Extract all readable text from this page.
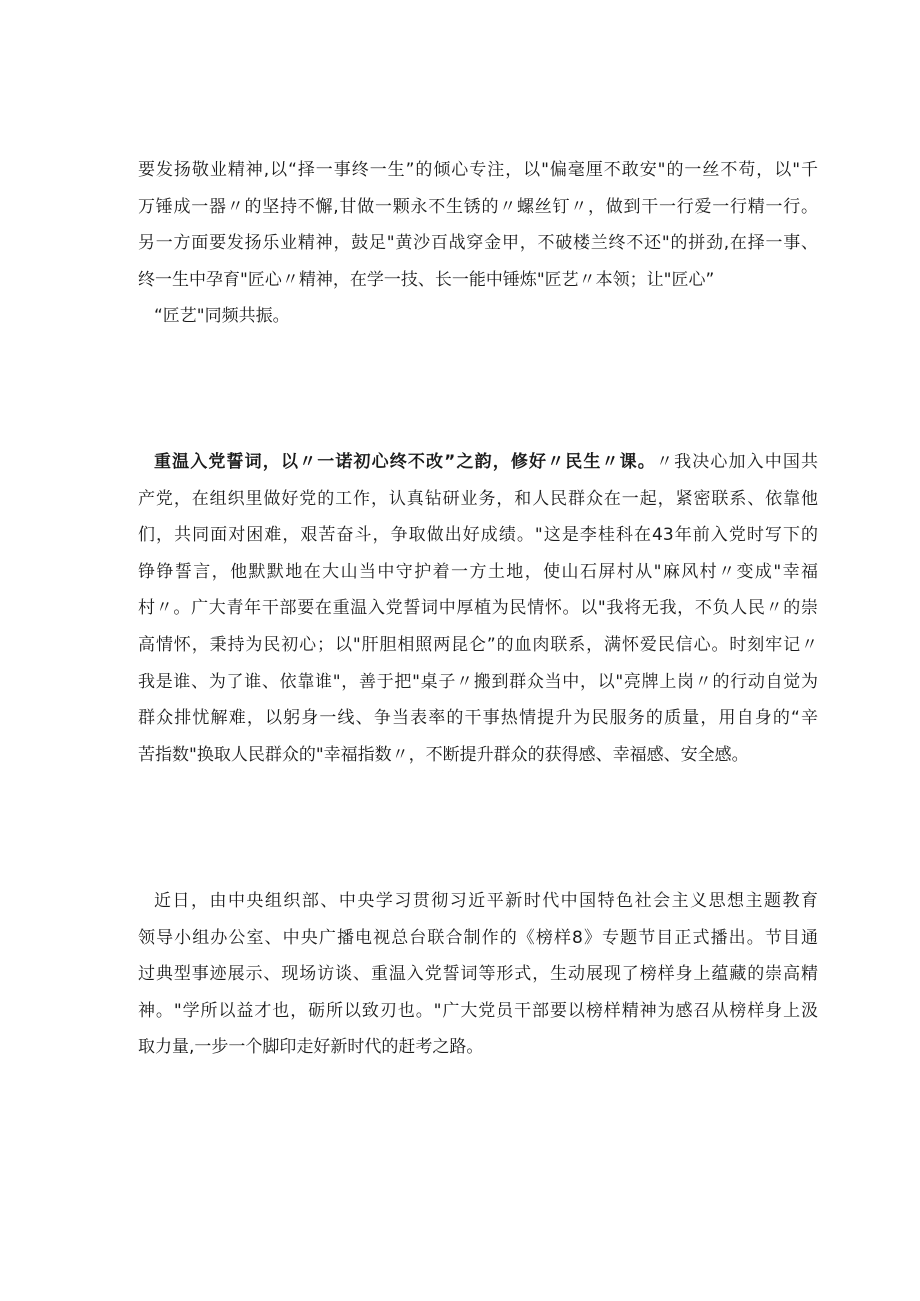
要发扬敬业精神,以“择一事终一生”的倾心专注，以"偏毫厘不敢安"的一丝不苟，以"千
万锤成一器〃的坚持不懈,甘做一颗永不生锈的〃螺丝钉〃，做到干一行爱一行精一行。
另一方面要发扬乐业精神，鼓足"黄沙百战穿金甲，不破楼兰终不还"的拼劲,在择一事、
终一生中孕育"匠心〃精神，在学一技、长一能中锤炼"匠艺〃本领；让"匠心”
“匠艺"同频共振。
重温入党誓词，以〃一诺初心终不改”之韵，修好〃民生〃课。〃我决心加入中国共
产党，在组织里做好党的工作，认真钻研业务，和人民群众在一起，紧密联系、依靠他
们，共同面对困难，艰苦奋斗，争取做出好成绩。"这是李桂科在43年前入党时写下的
铮铮誓言，他默默地在大山当中守护着一方土地，使山石屏村从"麻风村〃变成"幸福
村〃。广大青年干部要在重温入党誓词中厚植为民情怀。以"我将无我，不负人民〃的崇
高情怀，秉持为民初心；以"肝胆相照两昆仑”的血肉联系，满怀爱民信心。时刻牢记〃
我是谁、为了谁、依靠谁"，善于把"桌子〃搬到群众当中，以"亮牌上岗〃的行动自觉为
群众排忧解难，以躬身一线、争当表率的干事热情提升为民服务的质量，用自身的“辛
苦指数"换取人民群众的"幸福指数〃，不断提升群众的获得感、幸福感、安全感。
近日，由中央组织部、中央学习贯彻习近平新时代中国特色社会主义思想主题教育
领导小组办公室、中央广播电视总台联合制作的《榜样8》专题节目正式播出。节目通
过典型事迹展示、现场访谈、重温入党誓词等形式，生动展现了榜样身上蕴藏的崇高精
神。"学所以益才也，砺所以致刃也。"广大党员干部要以榜样精神为感召从榜样身上汲
取力量,一步一个脚印走好新时代的赶考之路。
